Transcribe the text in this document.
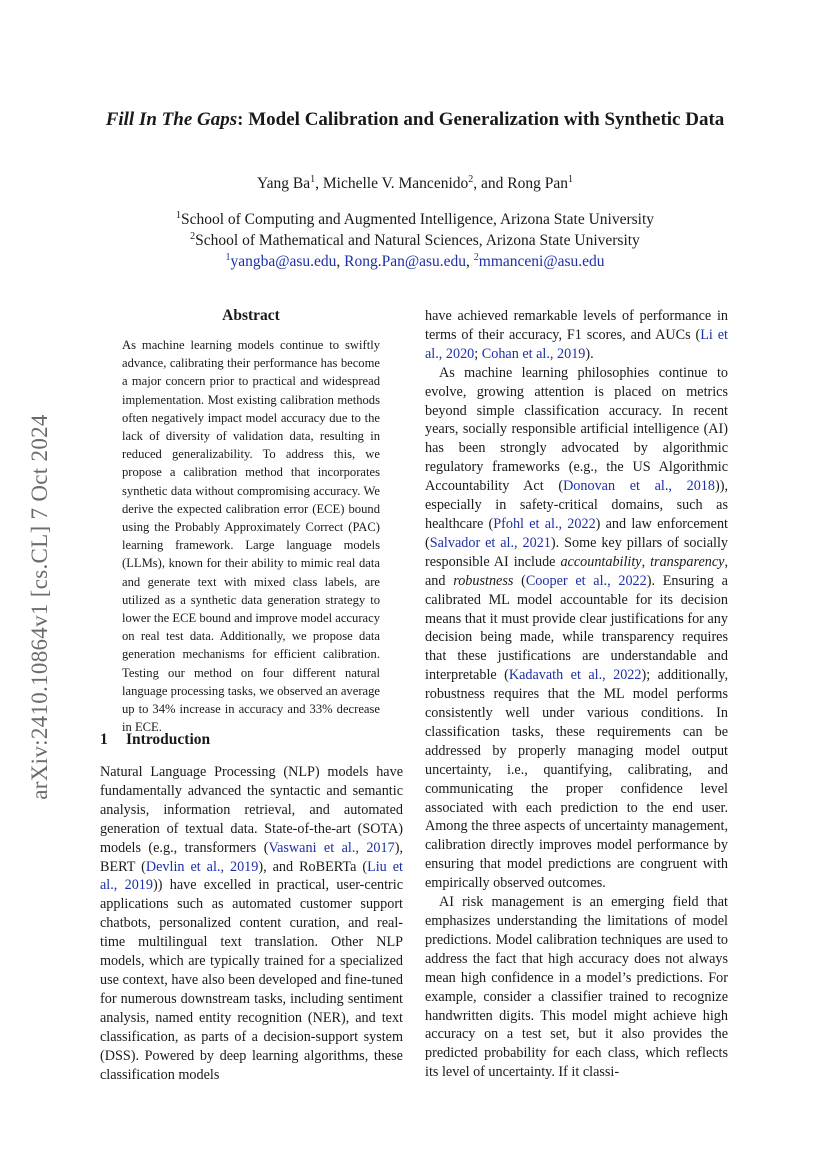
arXiv:2410.10864v1 [cs.CL] 7 Oct 2024
Fill In The Gaps: Model Calibration and Generalization with Synthetic Data
Yang Ba$^1$, Michelle V. Mancenido$^2$, and Rong Pan$^1$
$^1$School of Computing and Augmented Intelligence, Arizona State University
$^2$School of Mathematical and Natural Sciences, Arizona State University
$^1$yangba@asu.edu, Rong.Pan@asu.edu, $^2$mmanceni@asu.edu
Abstract
As machine learning models continue to swiftly advance, calibrating their performance has become a major concern prior to practical and widespread implementation. Most existing calibration methods often negatively impact model accuracy due to the lack of diversity of validation data, resulting in reduced generalizability. To address this, we propose a calibration method that incorporates synthetic data without compromising accuracy. We derive the expected calibration error (ECE) bound using the Probably Approximately Correct (PAC) learning framework. Large language models (LLMs), known for their ability to mimic real data and generate text with mixed class labels, are utilized as a synthetic data generation strategy to lower the ECE bound and improve model accuracy on real test data. Additionally, we propose data generation mechanisms for efficient calibration. Testing our method on four different natural language processing tasks, we observed an average up to 34% increase in accuracy and 33% decrease in ECE.
1 Introduction

Natural Language Processing (NLP) models have fundamentally advanced the syntactic and semantic analysis, information retrieval, and automated generation of textual data. State-of-the-art (SOTA) models (e.g., transformers (Vaswani et al., 2017), BERT (Devlin et al., 2019), and RoBERTa (Liu et al., 2019)) have excelled in practical, user-centric applications such as automated customer support chatbots, personalized content curation, and real-time multilingual text translation. Other NLP models, which are typically trained for a specialized use context, have also been developed and fine-tuned for numerous downstream tasks, including sentiment analysis, named entity recognition (NER), and text classification, as parts of a decision-support system (DSS). Powered by deep learning algorithms, these classification models

have achieved remarkable levels of performance in terms of their accuracy, F1 scores, and AUCs (Li et al., 2020; Cohan et al., 2019).

As machine learning philosophies continue to evolve, growing attention is placed on metrics beyond simple classification accuracy. In recent years, socially responsible artificial intelligence (AI) has been strongly advocated by algorithmic regulatory frameworks (e.g., the US Algorithmic Accountability Act (Donovan et al., 2018)), especially in safety-critical domains, such as healthcare (Pfohl et al., 2022) and law enforcement (Salvador et al., 2021). Some key pillars of socially responsible AI include accountability, transparency, and robustness (Cooper et al., 2022). Ensuring a calibrated ML model accountable for its decision means that it must provide clear justifications for any decision being made, while transparency requires that these justifications are understandable and interpretable (Kadavath et al., 2022); additionally, robustness requires that the ML model performs consistently well under various conditions. In classification tasks, these requirements can be addressed by properly managing model output uncertainty, i.e., quantifying, calibrating, and communicating the proper confidence level associated with each prediction to the end user. Among the three aspects of uncertainty management, calibration directly improves model performance by ensuring that model predictions are congruent with empirically observed outcomes.

AI risk management is an emerging field that emphasizes understanding the limitations of model predictions. Model calibration techniques are used to address the fact that high accuracy does not always mean high confidence in a model’s predictions. For example, consider a classifier trained to recognize handwritten digits. This model might achieve high accuracy on a test set, but it also provides the predicted probability for each class, which reflects its level of uncertainty. If it classi-
